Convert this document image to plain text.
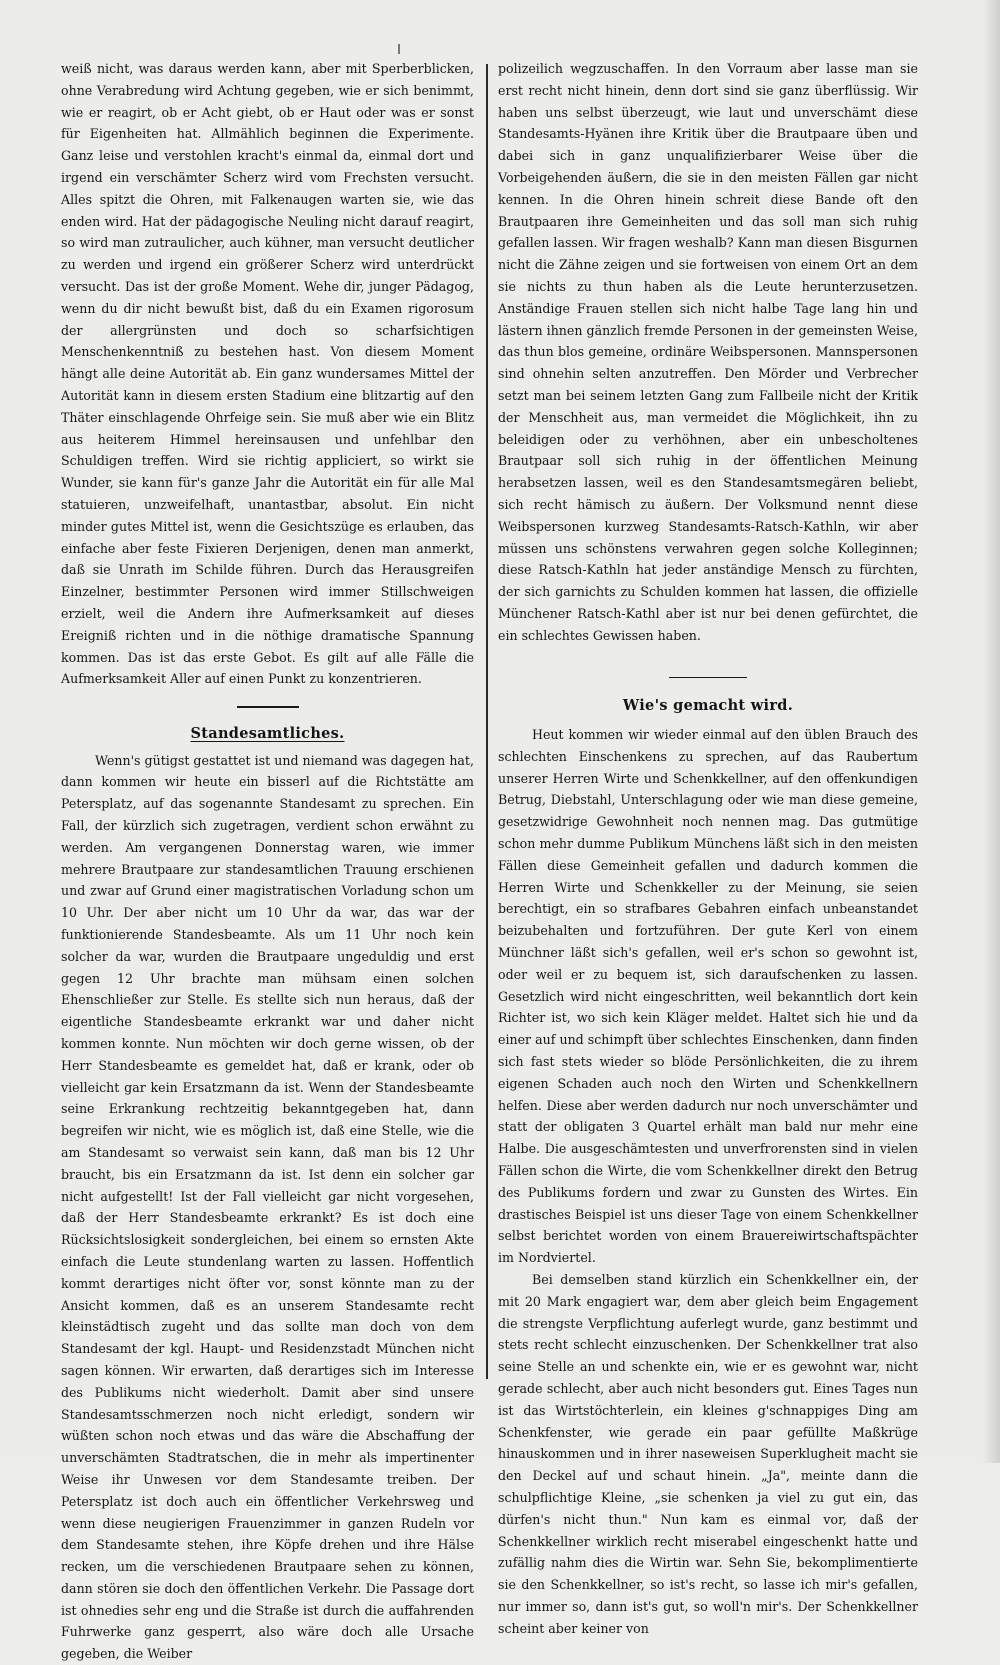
weiß nicht, was daraus werden kann, aber mit Sperberblicken, ohne Verabredung wird Achtung gegeben, wie er sich benimmt, wie er reagirt, ob er Acht giebt, ob er Haut oder was er sonst für Eigenheiten hat. Allmählich beginnen die Experimente. Ganz leise und verstohlen kracht's einmal da, einmal dort und irgend ein verschämter Scherz wird vom Frechsten versucht. Alles spitzt die Ohren, mit Falkenaugen warten sie, wie das enden wird. Hat der pädagogische Neuling nicht darauf reagirt, so wird man zutraulicher, auch kühner, man versucht deutlicher zu werden und irgend ein größerer Scherz wird unterdrückt versucht. Das ist der große Moment. Wehe dir, junger Pädagog, wenn du dir nicht bewußt bist, daß du ein Examen rigorosum der allergrünsten und doch so scharfsichtigen Menschenkenntniß zu bestehen hast. Von diesem Moment hängt alle deine Autorität ab. Ein ganz wundersames Mittel der Autorität kann in diesem ersten Stadium eine blitzartig auf den Thäter einschlagende Ohrfeige sein. Sie muß aber wie ein Blitz aus heiterem Himmel hereinsausen und unfehlbar den Schuldigen treffen. Wird sie richtig appliciert, so wirkt sie Wunder, sie kann für's ganze Jahr die Autorität ein für alle Mal statuieren, unzweifelhaft, unantastbar, absolut. Ein nicht minder gutes Mittel ist, wenn die Gesichtszüge es erlauben, das einfache aber feste Fixieren Derjenigen, denen man anmerkt, daß sie Unrath im Schilde führen. Durch das Herausgreifen Einzelner, bestimmter Personen wird immer Stillschweigen erzielt, weil die Andern ihre Aufmerksamkeit auf dieses Ereigniß richten und in die nöthige dramatische Spannung kommen. Das ist das erste Gebot. Es gilt auf alle Fälle die Aufmerksamkeit Aller auf einen Punkt zu konzentrieren.

Standesamtliches.

Wenn's gütigst gestattet ist und niemand was dagegen hat, dann kommen wir heute ein bisserl auf die Richtstätte am Petersplatz, auf das sogenannte Standesamt zu sprechen. Ein Fall, der kürzlich sich zugetragen, verdient schon erwähnt zu werden. Am vergangenen Donnerstag waren, wie immer mehrere Brautpaare zur standesamtlichen Trauung erschienen und zwar auf Grund einer magistratischen Vorladung schon um 10 Uhr. Der aber nicht um 10 Uhr da war, das war der funktionierende Standesbeamte. Als um 11 Uhr noch kein solcher da war, wurden die Brautpaare ungeduldig und erst gegen 12 Uhr brachte man mühsam einen solchen Ehenschließer zur Stelle. Es stellte sich nun heraus, daß der eigentliche Standesbeamte erkrankt war und daher nicht kommen konnte. Nun möchten wir doch gerne wissen, ob der Herr Standesbeamte es gemeldet hat, daß er krank, oder ob vielleicht gar kein Ersatzmann da ist. Wenn der Standesbeamte seine Erkrankung rechtzeitig bekanntgegeben hat, dann begreifen wir nicht, wie es möglich ist, daß eine Stelle, wie die am Standesamt so verwaist sein kann, daß man bis 12 Uhr braucht, bis ein Ersatzmann da ist. Ist denn ein solcher gar nicht aufgestellt! Ist der Fall vielleicht gar nicht vorgesehen, daß der Herr Standesbeamte erkrankt? Es ist doch eine Rücksichtslosigkeit sondergleichen, bei einem so ernsten Akte einfach die Leute stundenlang warten zu lassen. Hoffentlich kommt derartiges nicht öfter vor, sonst könnte man zu der Ansicht kommen, daß es an unserem Standesamte recht kleinstädtisch zugeht und das sollte man doch von dem Standesamt der kgl. Haupt- und Residenzstadt München nicht sagen können. Wir erwarten, daß derartiges sich im Interesse des Publikums nicht wiederholt. Damit aber sind unsere Standesamtsschmerzen noch nicht erledigt, sondern wir wüßten schon noch etwas und das wäre die Abschaffung der unverschämten Stadtratschen, die in mehr als impertinenter Weise ihr Unwesen vor dem Standesamte treiben. Der Petersplatz ist doch auch ein öffentlicher Verkehrsweg und wenn diese neugierigen Frauenzimmer in ganzen Rudeln vor dem Standesamte stehen, ihre Köpfe drehen und ihre Hälse recken, um die verschiedenen Brautpaare sehen zu können, dann stören sie doch den öffentlichen Verkehr. Die Passage dort ist ohnedies sehr eng und die Straße ist durch die auffahrenden Fuhrwerke ganz gesperrt, also wäre doch alle Ursache gegeben, die Weiber

polizeilich wegzuschaffen. In den Vorraum aber lasse man sie erst recht nicht hinein, denn dort sind sie ganz überflüssig. Wir haben uns selbst überzeugt, wie laut und unverschämt diese Standesamts-Hyänen ihre Kritik über die Brautpaare üben und dabei sich in ganz unqualifizierbarer Weise über die Vorbeigehenden äußern, die sie in den meisten Fällen gar nicht kennen. In die Ohren hinein schreit diese Bande oft den Brautpaaren ihre Gemeinheiten und das soll man sich ruhig gefallen lassen. Wir fragen weshalb? Kann man diesen Bisgurnen nicht die Zähne zeigen und sie fortweisen von einem Ort an dem sie nichts zu thun haben als die Leute herunterzusetzen. Anständige Frauen stellen sich nicht halbe Tage lang hin und lästern ihnen gänzlich fremde Personen in der gemeinsten Weise, das thun blos gemeine, ordinäre Weibspersonen. Mannspersonen sind ohnehin selten anzutreffen. Den Mörder und Verbrecher setzt man bei seinem letzten Gang zum Fallbeile nicht der Kritik der Menschheit aus, man vermeidet die Möglichkeit, ihn zu beleidigen oder zu verhöhnen, aber ein unbescholtenes Brautpaar soll sich ruhig in der öffentlichen Meinung herabsetzen lassen, weil es den Standesamtsmegären beliebt, sich recht hämisch zu äußern. Der Volksmund nennt diese Weibspersonen kurzweg Standesamts-Ratsch-Kathln, wir aber müssen uns schönstens verwahren gegen solche Kolleginnen; diese Ratsch-Kathln hat jeder anständige Mensch zu fürchten, der sich garnichts zu Schulden kommen hat lassen, die offizielle Münchener Ratsch-Kathl aber ist nur bei denen gefürchtet, die ein schlechtes Gewissen haben.

Wie's gemacht wird.

Heut kommen wir wieder einmal auf den üblen Brauch des schlechten Einschenkens zu sprechen, auf das Raubertum unserer Herren Wirte und Schenkkellner, auf den offenkundigen Betrug, Diebstahl, Unterschlagung oder wie man diese gemeine, gesetzwidrige Gewohnheit noch nennen mag. Das gutmütige schon mehr dumme Publikum Münchens läßt sich in den meisten Fällen diese Gemeinheit gefallen und dadurch kommen die Herren Wirte und Schenkkeller zu der Meinung, sie seien berechtigt, ein so strafbares Gebahren einfach unbeanstandet beizubehalten und fortzuführen. Der gute Kerl von einem Münchner läßt sich's gefallen, weil er's schon so gewohnt ist, oder weil er zu bequem ist, sich daraufschenken zu lassen. Gesetzlich wird nicht eingeschritten, weil bekanntlich dort kein Richter ist, wo sich kein Kläger meldet. Haltet sich hie und da einer auf und schimpft über schlechtes Einschenken, dann finden sich fast stets wieder so blöde Persönlichkeiten, die zu ihrem eigenen Schaden auch noch den Wirten und Schenkkellnern helfen. Diese aber werden dadurch nur noch unverschämter und statt der obligaten 3 Quartel erhält man bald nur mehr eine Halbe. Die ausgeschämtesten und unverfrorensten sind in vielen Fällen schon die Wirte, die vom Schenkkellner direkt den Betrug des Publikums fordern und zwar zu Gunsten des Wirtes. Ein drastisches Beispiel ist uns dieser Tage von einem Schenkkellner selbst berichtet worden von einem Brauereiwirtschaftspächter im Nordviertel.

Bei demselben stand kürzlich ein Schenkkellner ein, der mit 20 Mark engagiert war, dem aber gleich beim Engagement die strengste Verpflichtung auferlegt wurde, ganz bestimmt und stets recht schlecht einzuschenken. Der Schenkkellner trat also seine Stelle an und schenkte ein, wie er es gewohnt war, nicht gerade schlecht, aber auch nicht besonders gut. Eines Tages nun ist das Wirtstöchterlein, ein kleines g'schnappiges Ding am Schenkfenster, wie gerade ein paar gefüllte Maßkrüge hinauskommen und in ihrer naseweisen Superklugheit macht sie den Deckel auf und schaut hinein. „Ja", meinte dann die schulpflichtige Kleine, „sie schenken ja viel zu gut ein, das dürfen's nicht thun." Nun kam es einmal vor, daß der Schenkkellner wirklich recht miserabel eingeschenkt hatte und zufällig nahm dies die Wirtin war. Sehn Sie, bekomplimentierte sie den Schenkkellner, so ist's recht, so lasse ich mir's gefallen, nur immer so, dann ist's gut, so woll'n mir's. Der Schenkkellner scheint aber keiner von
